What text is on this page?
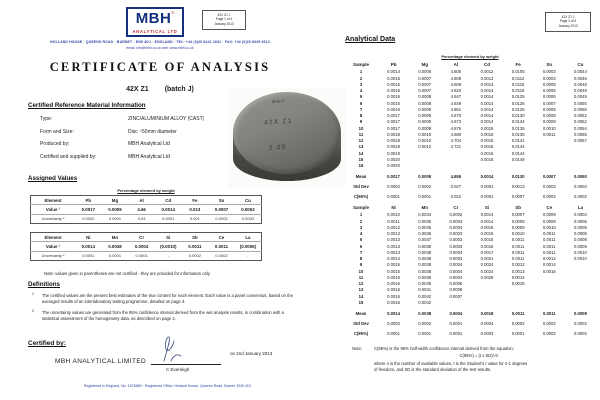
MBH®
ANALYTICAL LTD
42X Z1 J
Page 1 of 4
January 2013
HOLLAND HOUSE · QUEENS ROAD · BARNET · EN5 4DJ · ENGLAND · TEL: +44 (0)20 8441 2631 · FAX: +44 (0)20 8449 6313
email: info@mbh.co.uk web: www.mbh.co.uk
CERTIFICATE OF ANALYSIS
42X Z1 (batch J)
Certified Reference Material Information
Type:	ZINC/ALUMINIUM ALLOY (CAST)
Form and Size:	Disc ~50mm diameter
Produced by:	MBH Analytical Ltd
Certified and supplied by:	MBH Analytical Ltd
MBH
42X Z1
J 49
Assigned Values
Percentage element by weight
Element	Pb	Mg	Al	Cd	Fe	Sn	Cu
Value ¹	0.0017	0.0009	4.66	0.0014	0.013	0.0007	0.0053
Uncertainty ²	0.0002	0.0001	0.03	0.0001	0.001	0.0002	0.0003
Element	Ni	Mn	Cr	Si	Sb	Ce	La
Value ¹	0.0014	0.0038	0.0004	(0.0010)	0.0011	0.0011	(0.0006)
Uncertainty ²	0.0001	0.0001	0.0001	-	0.0002	0.0002	-
Note: values given in parentheses are not certified - they are provided for information only
Definitions
1 The certified values are the present best estimates of the true content for each element. Each value is a panel consensus, based on the averaged results of an interlaboratory testing programme, detailed on page 3.
2 The uncertainty values are generated from the 95% confidence interval derived from the wet analysis results, in combination with a statistical assessment of the homogeneity data, as described on page 2.
Certified by:
MBH ANALYTICAL LIMITED
on 2nd January 2013
C Everleigh
Registered in England, No. 1575889 · Registered Office: Holland House, Queens Road, Barnet, EN5 4DJ
42X Z1 J
Page 3 of 4
January 2013
Analytical Data
Percentage element by weight
Sample	Pb	Mg	Al	Cd	Fe	Sn	Cu
1	0.0014	0.0006	4.605	0.0012	0.0105	0.0003	0.0044
2	0.0015	0.0007	4.608	0.0013	0.0112	0.0003	0.0046
3	0.0015	0.0007	4.609	0.0013	0.0116	0.0005	0.0048
4	0.0016	0.0007	4.620	0.0014	0.0118	0.0005	0.0048
5	0.0016	0.0008	4.647	0.0014	0.0125	0.0006	0.0049
6	0.0016	0.0008	4.649	0.0014	0.0126	0.0007	0.0050
7	0.0016	0.0009	4.661	0.0014	0.0126	0.0008	0.0050
8	0.0017	0.0009	4.670	0.0014	0.0130	0.0008	0.0052
9	0.0017	0.0009	4.673	0.0014	0.0134	0.0009	0.0052
10	0.0017	0.0009	4.676	0.0015	0.0135	0.0010	0.0054
11	0.0018	0.0010	4.680	0.0015	0.0138	0.0011	0.0055
12	0.0018	0.0010	4.704	0.0015	0.0141		0.0057
13	0.0018	0.0012	4.721	0.0015	0.0144		
14	0.0019			0.0016	0.0144		
15	0.0020			0.0016	0.0149		
16	0.0020						
Mean	0.0017	0.0009	4.655	0.0014	0.0130	0.0007	0.0050
Std Dev	0.0002	0.0002	0.027	0.0001	0.0013	0.0003	0.0004
C(95%)	0.0001	0.0001	0.022	0.0001	0.0007	0.0002	0.0002
Sample	Ni	Mn	Cr	Si	Sb	Ce	La
1	0.0010	0.0034	0.0002	0.0014	0.0007	0.0009	0.0004
2	0.0011	0.0035	0.0003	0.0014	0.0008	0.0009	0.0005
3	0.0012	0.0036	0.0003	0.0015	0.0009	0.0010	0.0005
4	0.0013	0.0036	0.0003	0.0015	0.0010	0.0011	0.0006
5	0.0013	0.0037	0.0003	0.0015	0.0011	0.0011	0.0008
6	0.0013	0.0038	0.0003	0.0016	0.0011	0.0011	0.0009
7	0.0013	0.0038	0.0003	0.0017	0.0011	0.0011	0.0010
8	0.0014	0.0038	0.0003	0.0021	0.0011	0.0012	0.0010
9	0.0015	0.0038	0.0004	0.0024	0.0012	0.0014	
10	0.0015	0.0038	0.0004	0.0024	0.0013	0.0016	
11	0.0015	0.0038	0.0004	0.0029	0.0014		
12	0.0016	0.0039	0.0005		0.0015		
13	0.0016	0.0041	0.0006				
14	0.0016	0.0042	0.0007				
15	0.0016	0.0042					
Mean	0.0014	0.0038	0.0004	0.0018	0.0011	0.0011	0.0008
Std Dev	0.0002	0.0002	0.0001	0.0004	0.0002	0.0002	0.0002
C(95%)	0.0001	0.0001	0.0001	0.0003	0.0001	0.0002	0.0002
Note:	C(95%) is the 95% half-width confidence interval derived from the equation:
C(95%) = (t x SD)/√n
where n is the number of available values, t is the Student's t value for n-1 degrees
of freedom, and SD is the standard deviation of the test results.
